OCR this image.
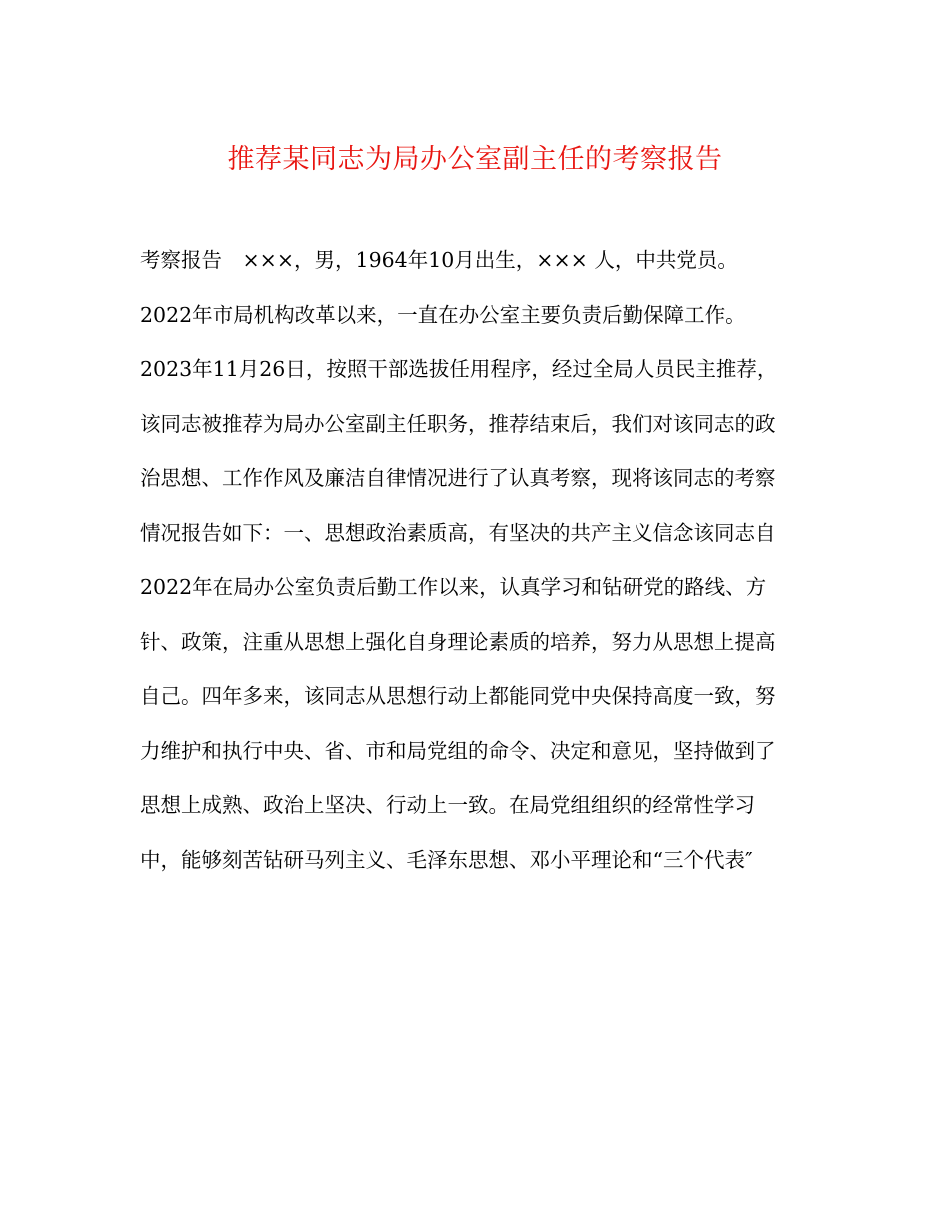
推荐某同志为局办公室副主任的考察报告
考察报告　×××，男，1964年10月出生，××× 人，中共党员。
2022年市局机构改革以来，一直在办公室主要负责后勤保障工作。
2023年11月26日，按照干部选拔任用程序，经过全局人员民主推荐，
该同志被推荐为局办公室副主任职务，推荐结束后，我们对该同志的政
治思想、工作作风及廉洁自律情况进行了认真考察，现将该同志的考察
情况报告如下：一、思想政治素质高，有坚决的共产主义信念该同志自
2022年在局办公室负责后勤工作以来，认真学习和钻研党的路线、方
针、政策，注重从思想上强化自身理论素质的培养，努力从思想上提高
自己。四年多来，该同志从思想行动上都能同党中央保持高度一致，努
力维护和执行中央、省、市和局党组的命令、决定和意见，坚持做到了
思想上成熟、政治上坚决、行动上一致。在局党组组织的经常性学习
中，能够刻苦钻研马列主义、毛泽东思想、邓小平理论和“三个代表″
